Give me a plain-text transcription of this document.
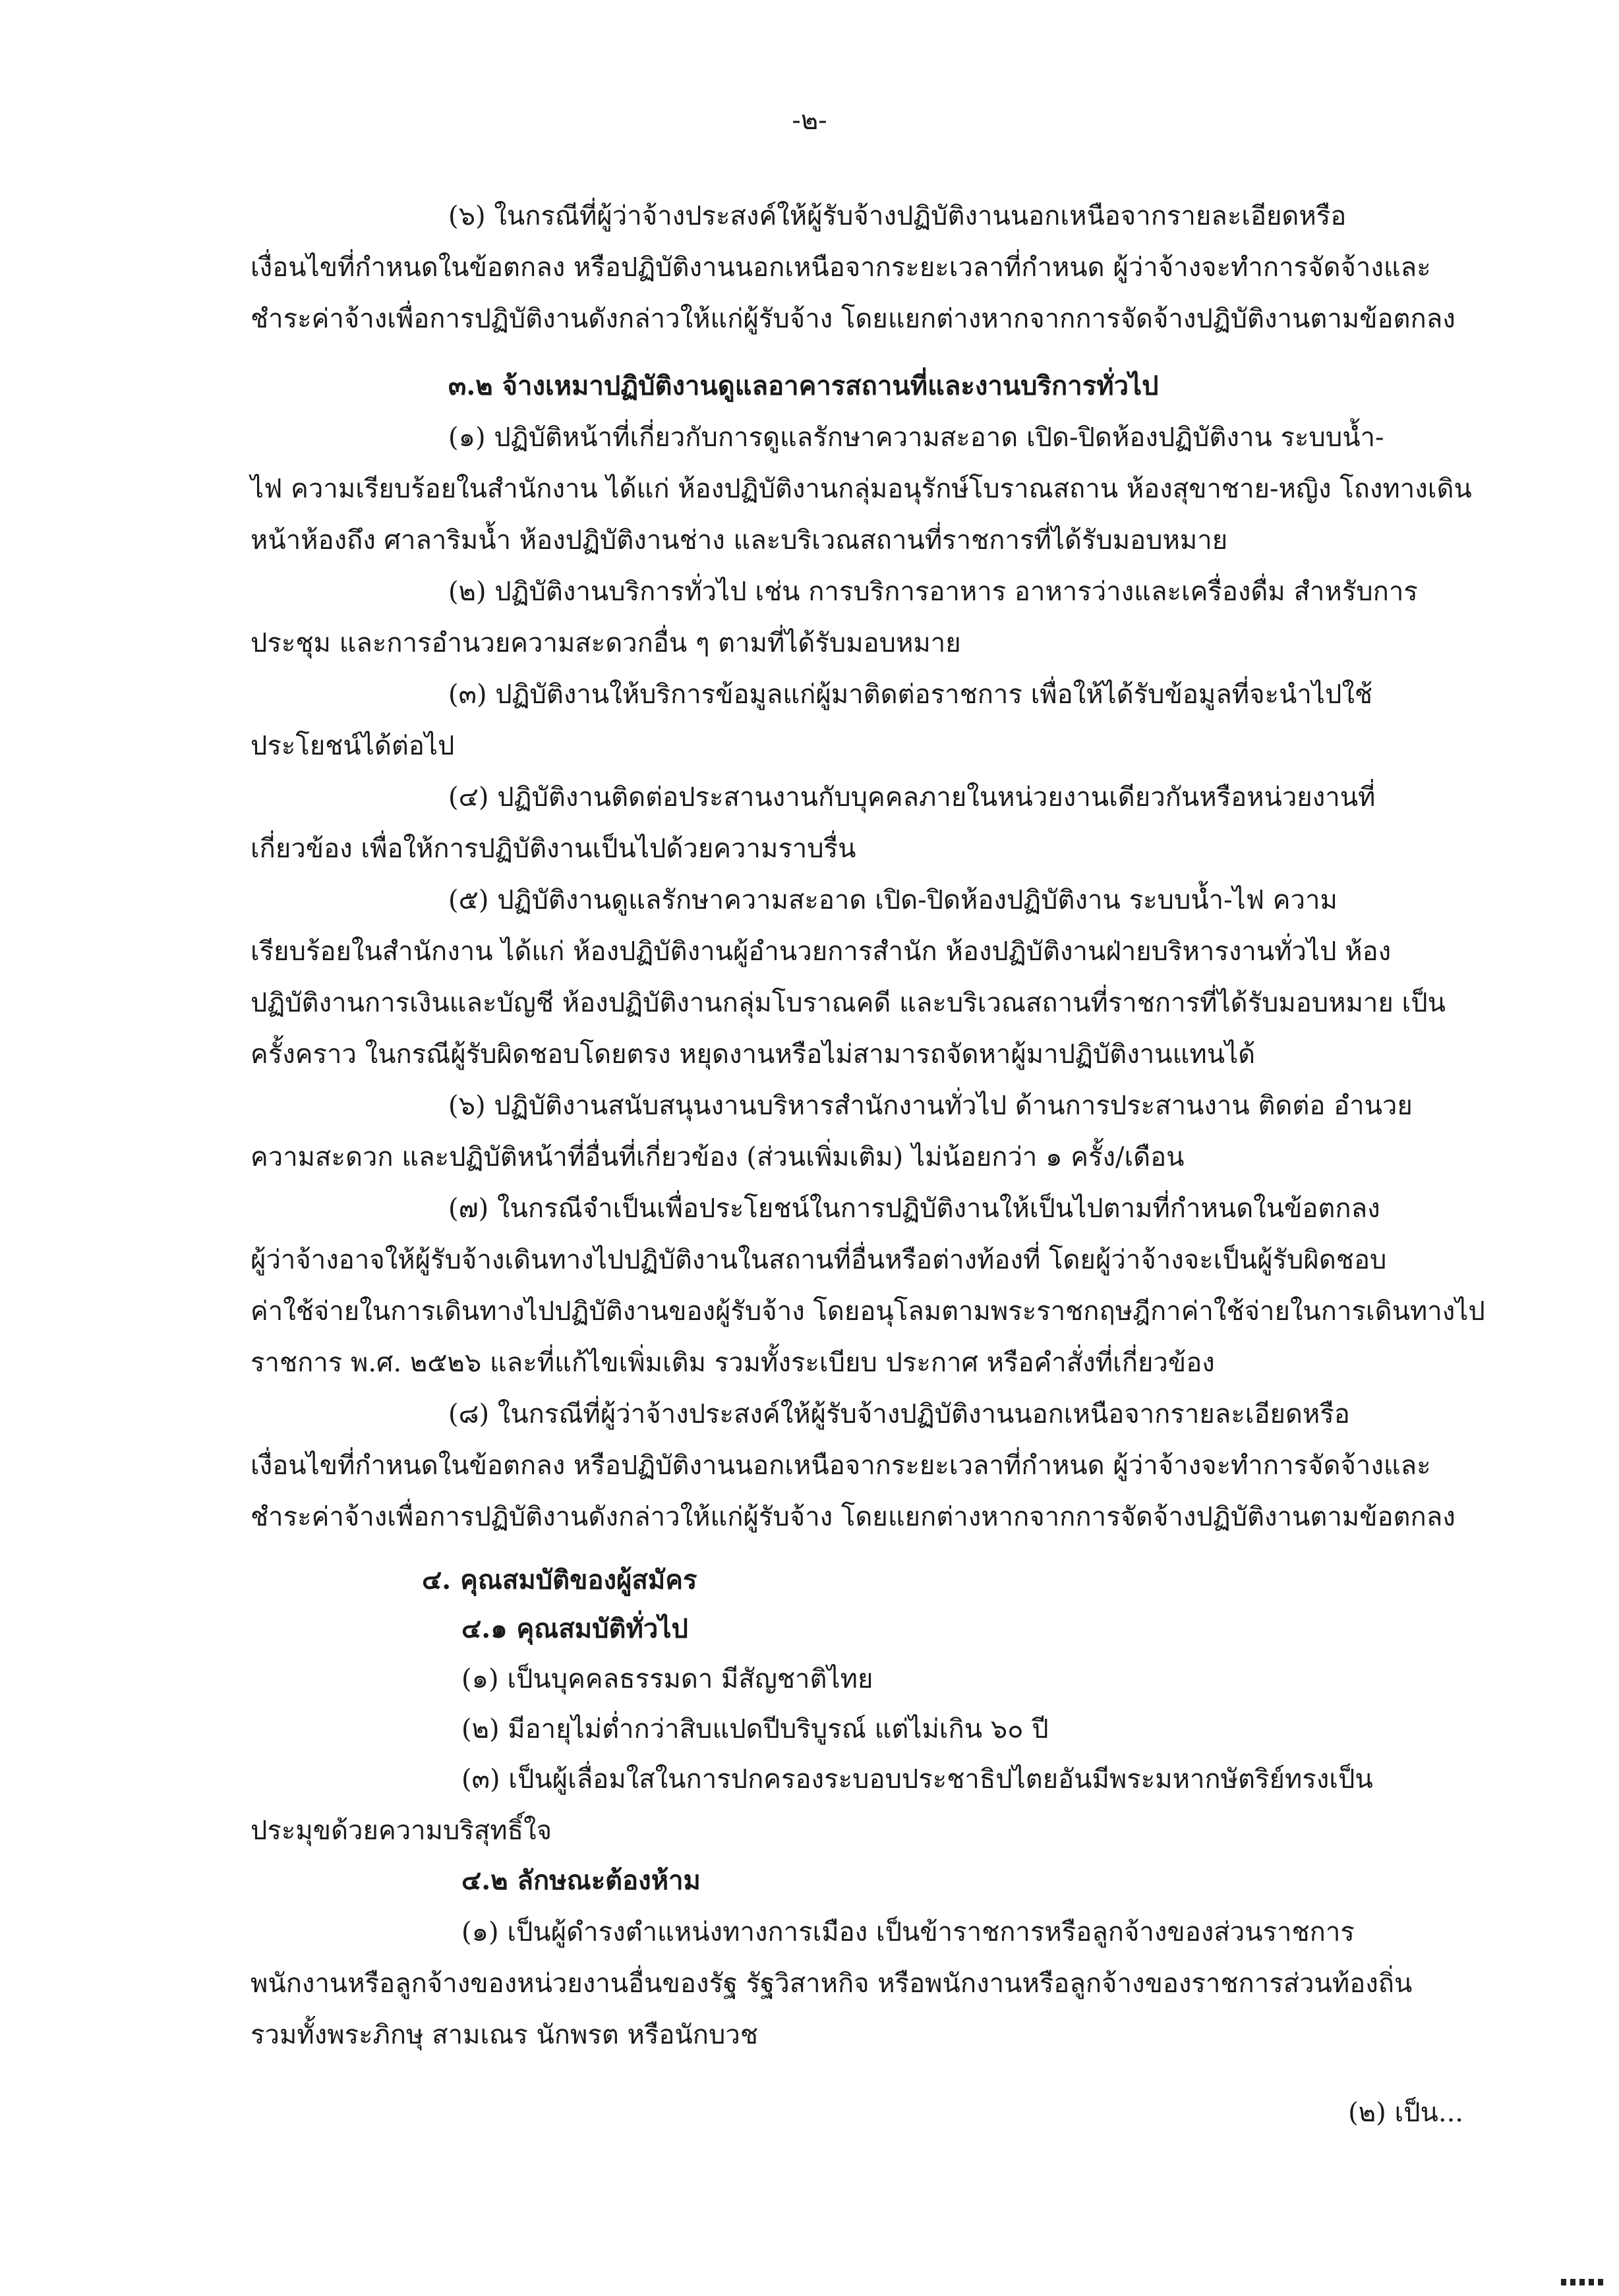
-๒-
(๖) ในกรณีที่ผู้ว่าจ้างประสงค์ให้ผู้รับจ้างปฏิบัติงานนอกเหนือจากรายละเอียดหรือ
เงื่อนไขที่กำหนดในข้อตกลง หรือปฏิบัติงานนอกเหนือจากระยะเวลาที่กำหนด ผู้ว่าจ้างจะทำการจัดจ้างและ
ชำระค่าจ้างเพื่อการปฏิบัติงานดังกล่าวให้แก่ผู้รับจ้าง โดยแยกต่างหากจากการจัดจ้างปฏิบัติงานตามข้อตกลง
๓.๒ จ้างเหมาปฏิบัติงานดูแลอาคารสถานที่และงานบริการทั่วไป
(๑) ปฏิบัติหน้าที่เกี่ยวกับการดูแลรักษาความสะอาด เปิด-ปิดห้องปฏิบัติงาน ระบบน้ำ-
ไฟ ความเรียบร้อยในสำนักงาน ได้แก่ ห้องปฏิบัติงานกลุ่มอนุรักษ์โบราณสถาน ห้องสุขาชาย-หญิง โถงทางเดิน
หน้าห้องถึง ศาลาริมน้ำ ห้องปฏิบัติงานช่าง และบริเวณสถานที่ราชการที่ได้รับมอบหมาย
(๒) ปฏิบัติงานบริการทั่วไป เช่น การบริการอาหาร อาหารว่างและเครื่องดื่ม สำหรับการ
ประชุม และการอำนวยความสะดวกอื่น ๆ ตามที่ได้รับมอบหมาย
(๓) ปฏิบัติงานให้บริการข้อมูลแก่ผู้มาติดต่อราชการ เพื่อให้ได้รับข้อมูลที่จะนำไปใช้
ประโยชน์ได้ต่อไป
(๔) ปฏิบัติงานติดต่อประสานงานกับบุคคลภายในหน่วยงานเดียวกันหรือหน่วยงานที่
เกี่ยวข้อง เพื่อให้การปฏิบัติงานเป็นไปด้วยความราบรื่น
(๕) ปฏิบัติงานดูแลรักษาความสะอาด เปิด-ปิดห้องปฏิบัติงาน ระบบน้ำ-ไฟ ความ
เรียบร้อยในสำนักงาน ได้แก่ ห้องปฏิบัติงานผู้อำนวยการสำนัก ห้องปฏิบัติงานฝ่ายบริหารงานทั่วไป ห้อง
ปฏิบัติงานการเงินและบัญชี ห้องปฏิบัติงานกลุ่มโบราณคดี และบริเวณสถานที่ราชการที่ได้รับมอบหมาย เป็น
ครั้งคราว ในกรณีผู้รับผิดชอบโดยตรง หยุดงานหรือไม่สามารถจัดหาผู้มาปฏิบัติงานแทนได้
(๖) ปฏิบัติงานสนับสนุนงานบริหารสำนักงานทั่วไป ด้านการประสานงาน ติดต่อ อำนวย
ความสะดวก และปฏิบัติหน้าที่อื่นที่เกี่ยวข้อง (ส่วนเพิ่มเติม) ไม่น้อยกว่า ๑ ครั้ง/เดือน
(๗) ในกรณีจำเป็นเพื่อประโยชน์ในการปฏิบัติงานให้เป็นไปตามที่กำหนดในข้อตกลง
ผู้ว่าจ้างอาจให้ผู้รับจ้างเดินทางไปปฏิบัติงานในสถานที่อื่นหรือต่างท้องที่ โดยผู้ว่าจ้างจะเป็นผู้รับผิดชอบ
ค่าใช้จ่ายในการเดินทางไปปฏิบัติงานของผู้รับจ้าง โดยอนุโลมตามพระราชกฤษฎีกาค่าใช้จ่ายในการเดินทางไป
ราชการ พ.ศ. ๒๕๒๖ และที่แก้ไขเพิ่มเติม รวมทั้งระเบียบ ประกาศ หรือคำสั่งที่เกี่ยวข้อง
(๘) ในกรณีที่ผู้ว่าจ้างประสงค์ให้ผู้รับจ้างปฏิบัติงานนอกเหนือจากรายละเอียดหรือ
เงื่อนไขที่กำหนดในข้อตกลง หรือปฏิบัติงานนอกเหนือจากระยะเวลาที่กำหนด ผู้ว่าจ้างจะทำการจัดจ้างและ
ชำระค่าจ้างเพื่อการปฏิบัติงานดังกล่าวให้แก่ผู้รับจ้าง โดยแยกต่างหากจากการจัดจ้างปฏิบัติงานตามข้อตกลง
๔. คุณสมบัติของผู้สมัคร
๔.๑ คุณสมบัติทั่วไป
(๑) เป็นบุคคลธรรมดา มีสัญชาติไทย
(๒) มีอายุไม่ต่ำกว่าสิบแปดปีบริบูรณ์ แต่ไม่เกิน ๖๐ ปี
(๓) เป็นผู้เลื่อมใสในการปกครองระบอบประชาธิปไตยอันมีพระมหากษัตริย์ทรงเป็น
ประมุขด้วยความบริสุทธิ์ใจ
๔.๒ ลักษณะต้องห้าม
(๑) เป็นผู้ดำรงตำแหน่งทางการเมือง เป็นข้าราชการหรือลูกจ้างของส่วนราชการ
พนักงานหรือลูกจ้างของหน่วยงานอื่นของรัฐ รัฐวิสาหกิจ หรือพนักงานหรือลูกจ้างของราชการส่วนท้องถิ่น
รวมทั้งพระภิกษุ สามเณร นักพรต หรือนักบวช
(๒) เป็น...
